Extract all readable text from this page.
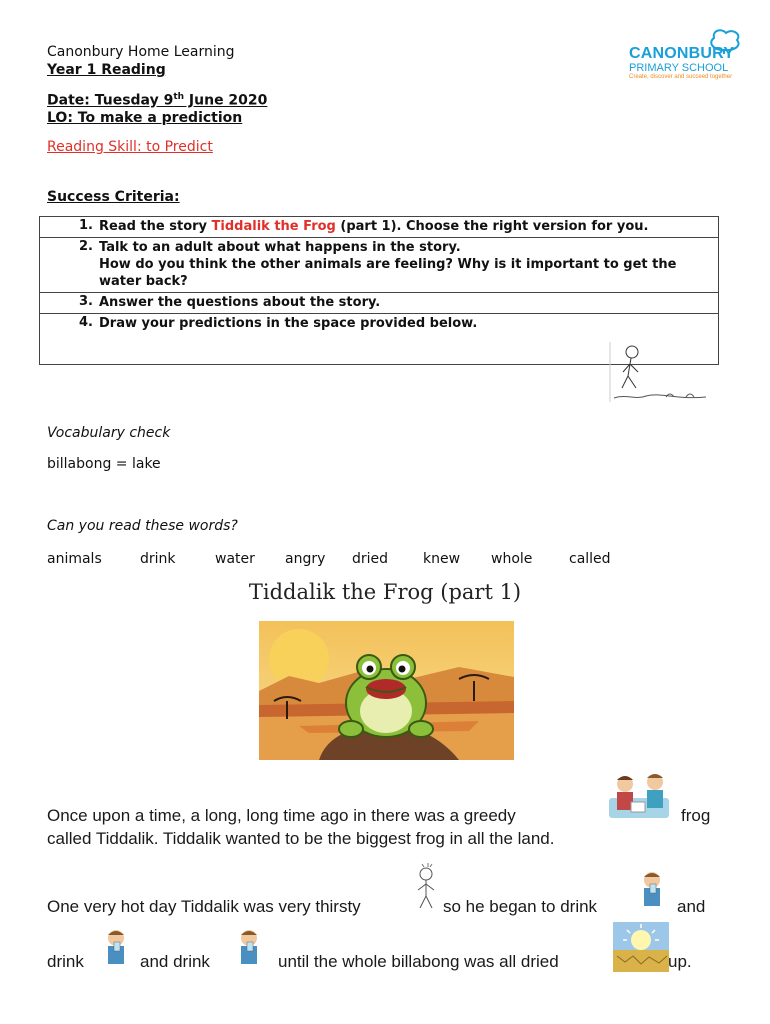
Canonbury Home Learning
Year 1 Reading
Date: Tuesday 9th June 2020
LO: To make a prediction
Reading Skill: to Predict
CANONBURY
PRIMARY SCHOOL
Create, discover and succeed together
Success Criteria:
1. Read the story Tiddalik the Frog (part 1). Choose the right version for you.
2. Talk to an adult about what happens in the story.
How do you think the other animals are feeling? Why is it important to get the water back?
3. Answer the questions about the story.
4. Draw your predictions in the space provided below.
Vocabulary check
billabong = lake
Can you read these words?
animals	drink	water angry dried knew whole	called
Tiddalik the Frog (part 1)
Once upon a time, a long, long time ago in there was a greedy	frog
called Tiddalik. Tiddalik wanted to be the biggest frog in all the land.
One very hot day Tiddalik was very thirsty	so he began to drink	and
drink	and drink	until the whole billabong was all dried	up.
